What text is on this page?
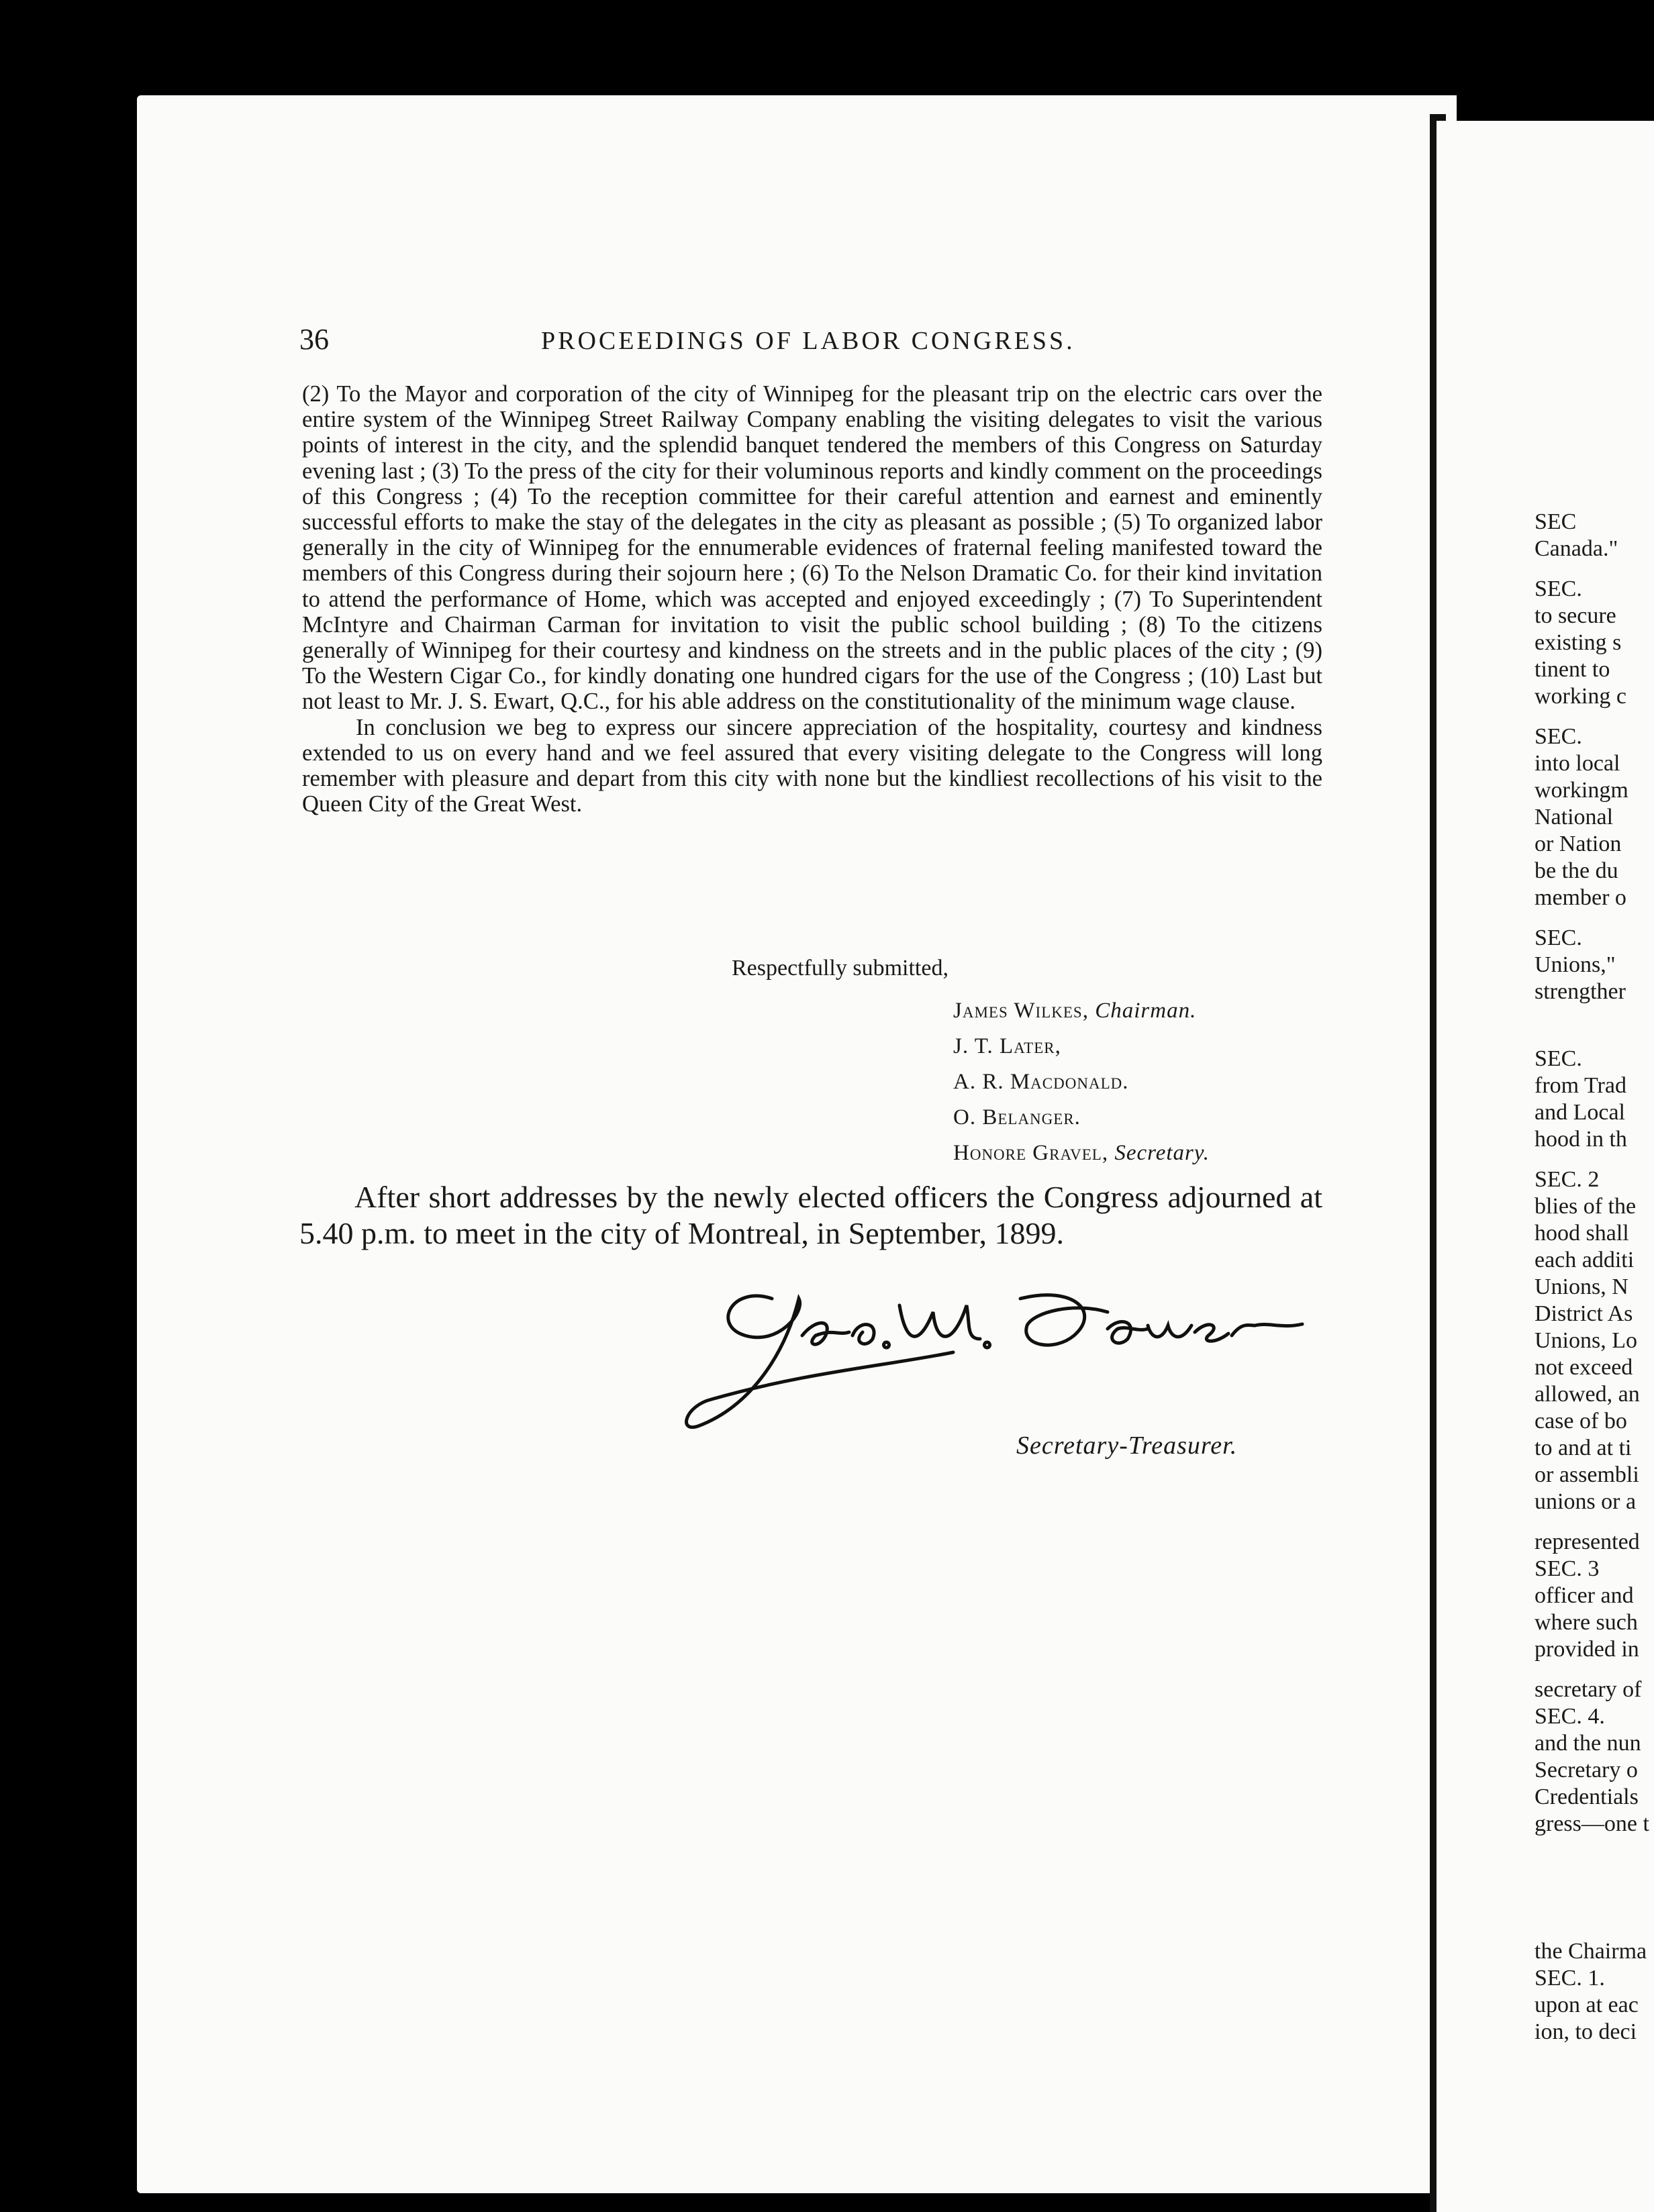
36	PROCEEDINGS OF LABOR CONGRESS.

(2) To the Mayor and corporation of the city of Winnipeg for the pleasant trip on the electric cars over the entire system of the Winnipeg Street Railway Company enabling the visiting delegates to visit the various points of interest in the city, and the splendid banquet tendered the members of this Congress on Saturday evening last ; (3) To the press of the city for their voluminous reports and kindly comment on the proceedings of this Congress ; (4) To the reception committee for their careful attention and earnest and eminently successful efforts to make the stay of the delegates in the city as pleasant as possible ; (5) To organized labor generally in the city of Winnipeg for the ennumerable evidences of fraternal feeling manifested toward the members of this Congress during their sojourn here ; (6) To the Nelson Dramatic Co. for their kind invitation to attend the performance of Home, which was accepted and enjoyed exceedingly ; (7) To Superintendent McIntyre and Chairman Carman for invitation to visit the public school building ; (8) To the citizens generally of Winnipeg for their courtesy and kindness on the streets and in the public places of the city ; (9) To the Western Cigar Co., for kindly donating one hundred cigars for the use of the Congress ; (10) Last but not least to Mr. J. S. Ewart, Q.C., for his able address on the constitutionality of the minimum wage clause.

In conclusion we beg to express our sincere appreciation of the hospitality, courtesy and kindness extended to us on every hand and we feel assured that every visiting delegate to the Congress will long remember with pleasure and depart from this city with none but the kindliest recollections of his visit to the Queen City of the Great West.

Respectfully submitted,
James Wilkes, Chairman.
J. T. Later,
A. R. Macdonald.
O. Belanger.
Honore Gravel, Secretary.
After short addresses by the newly elected officers the Congress adjourned at 5.40 p.m. to meet in the city of Montreal, in September, 1899.
Secretary-Treasurer.
SEC
Canada."
SEC.
to secure
existing s
tinent to
working c
SEC.
into local
workingm
National
or Nation
be the du
member o
SEC.
Unions,"
strengther
SEC.
from Trad
and Local
hood in th
SEC. 2
blies of the
hood shall
each additi
Unions, N
District As
Unions, Lo
not exceed
allowed, an
case of bo
to and at ti
or assembli
unions or a
represented
SEC. 3
officer and
where such
provided in
secretary of
SEC. 4.
and the nun
Secretary o
Credentials
gress—one t
the Chairma
SEC. 1.
upon at eac
ion, to deci
